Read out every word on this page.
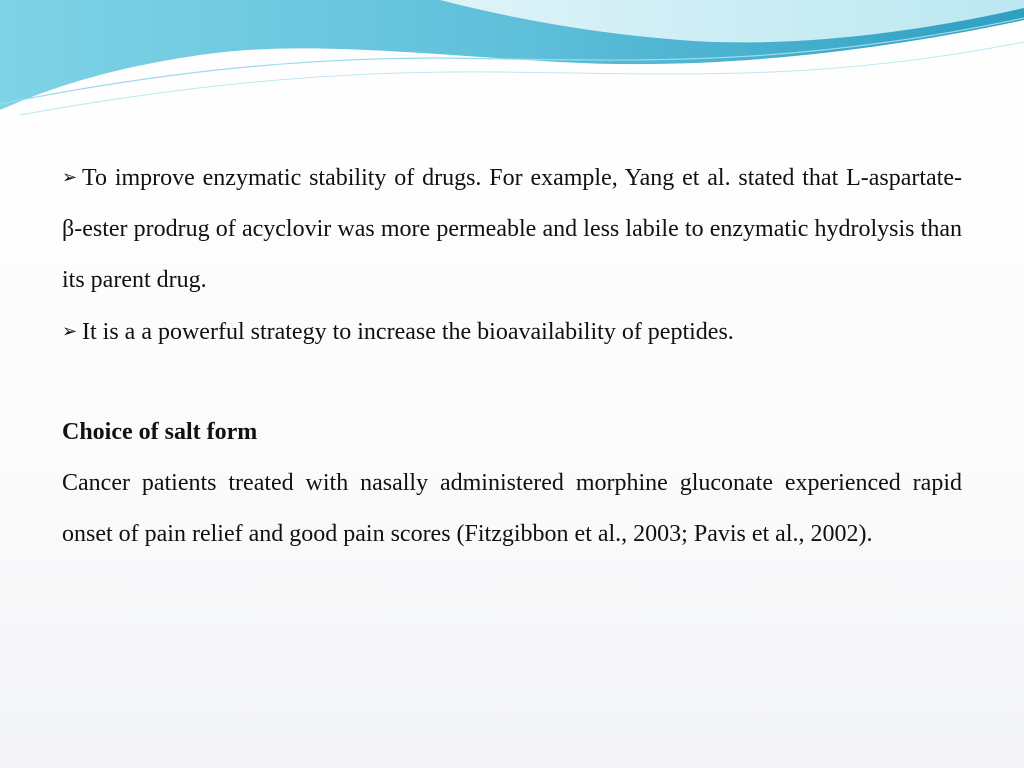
➢ To improve enzymatic stability of drugs. For example, Yang et al. stated that L-aspartate- β-ester prodrug of acyclovir was more permeable and less labile to enzymatic hydrolysis than its parent drug.

➢ It is a a powerful strategy to increase the bioavailability of peptides.

Choice of salt form

Cancer patients treated with nasally administered morphine gluconate experienced rapid onset of pain relief and good pain scores (Fitzgibbon et al., 2003; Pavis et al., 2002).
